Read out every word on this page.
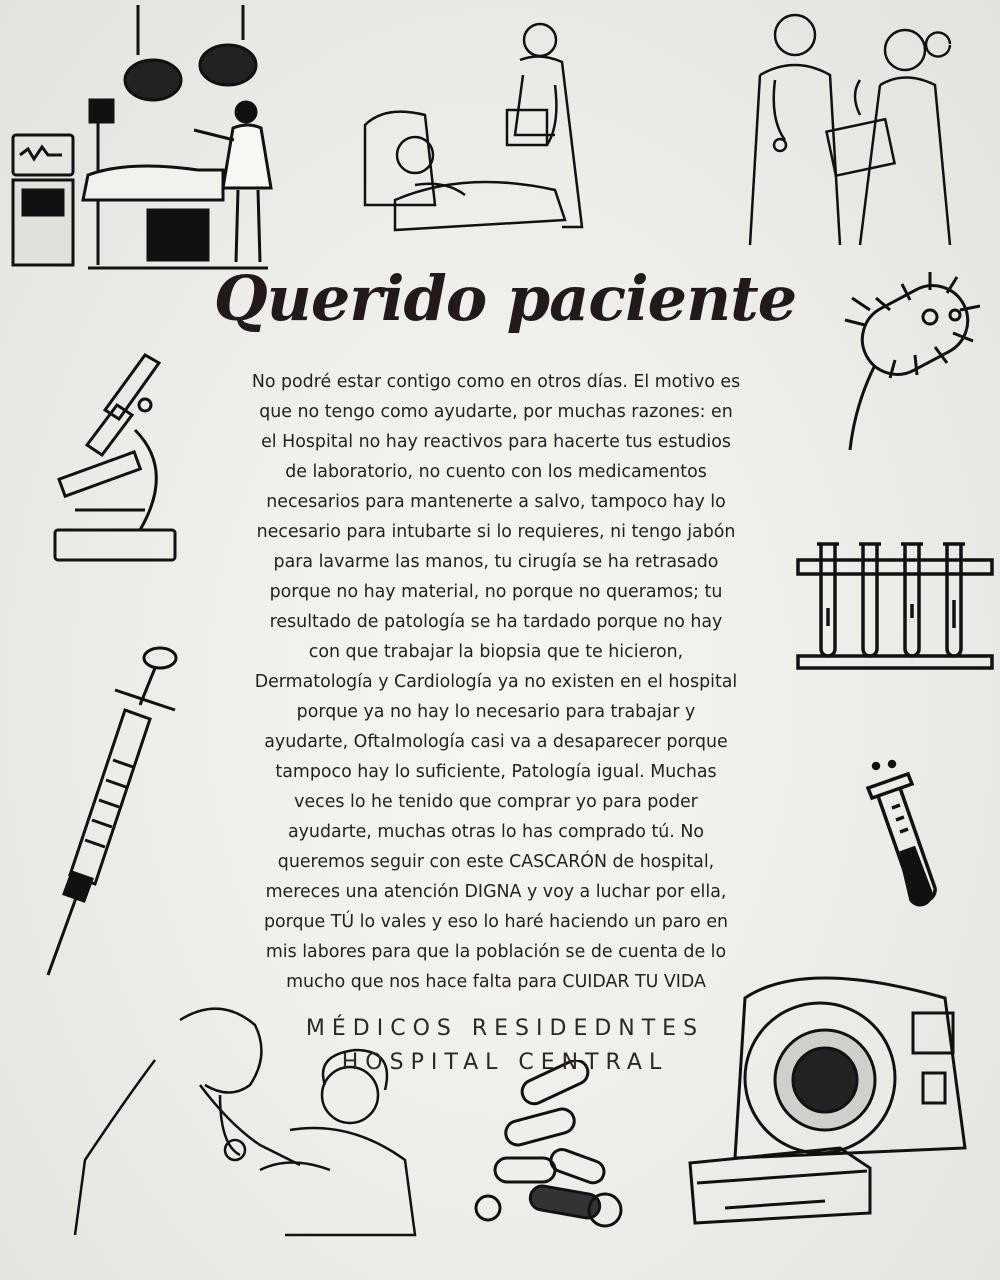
Querido paciente
No podré estar contigo como en otros días. El motivo es
que no tengo como ayudarte, por muchas razones: en
el Hospital no hay reactivos para hacerte tus estudios
de laboratorio, no cuento con los medicamentos
necesarios para mantenerte a salvo, tampoco hay lo
necesario para intubarte si lo requieres, ni tengo jabón
para lavarme las manos, tu cirugía se ha retrasado
porque no hay material, no porque no queramos; tu
resultado de patología se ha tardado porque no hay
con que trabajar la biopsia que te hicieron,
Dermatología y Cardiología ya no existen en el hospital
porque ya no hay lo necesario para trabajar y
ayudarte, Oftalmología casi va a desaparecer porque
tampoco hay lo suficiente, Patología igual. Muchas
veces lo he tenido que comprar yo para poder
ayudarte, muchas otras lo has comprado tú. No
queremos seguir con este CASCARÓN de hospital,
mereces una atención DIGNA y voy a luchar por ella,
porque TÚ lo vales y eso lo haré haciendo un paro en
mis labores para que la población se de cuenta de lo
mucho que nos hace falta para CUIDAR TU VIDA
MÉDICOS RESIDEDNTES
HOSPITAL CENTRAL
